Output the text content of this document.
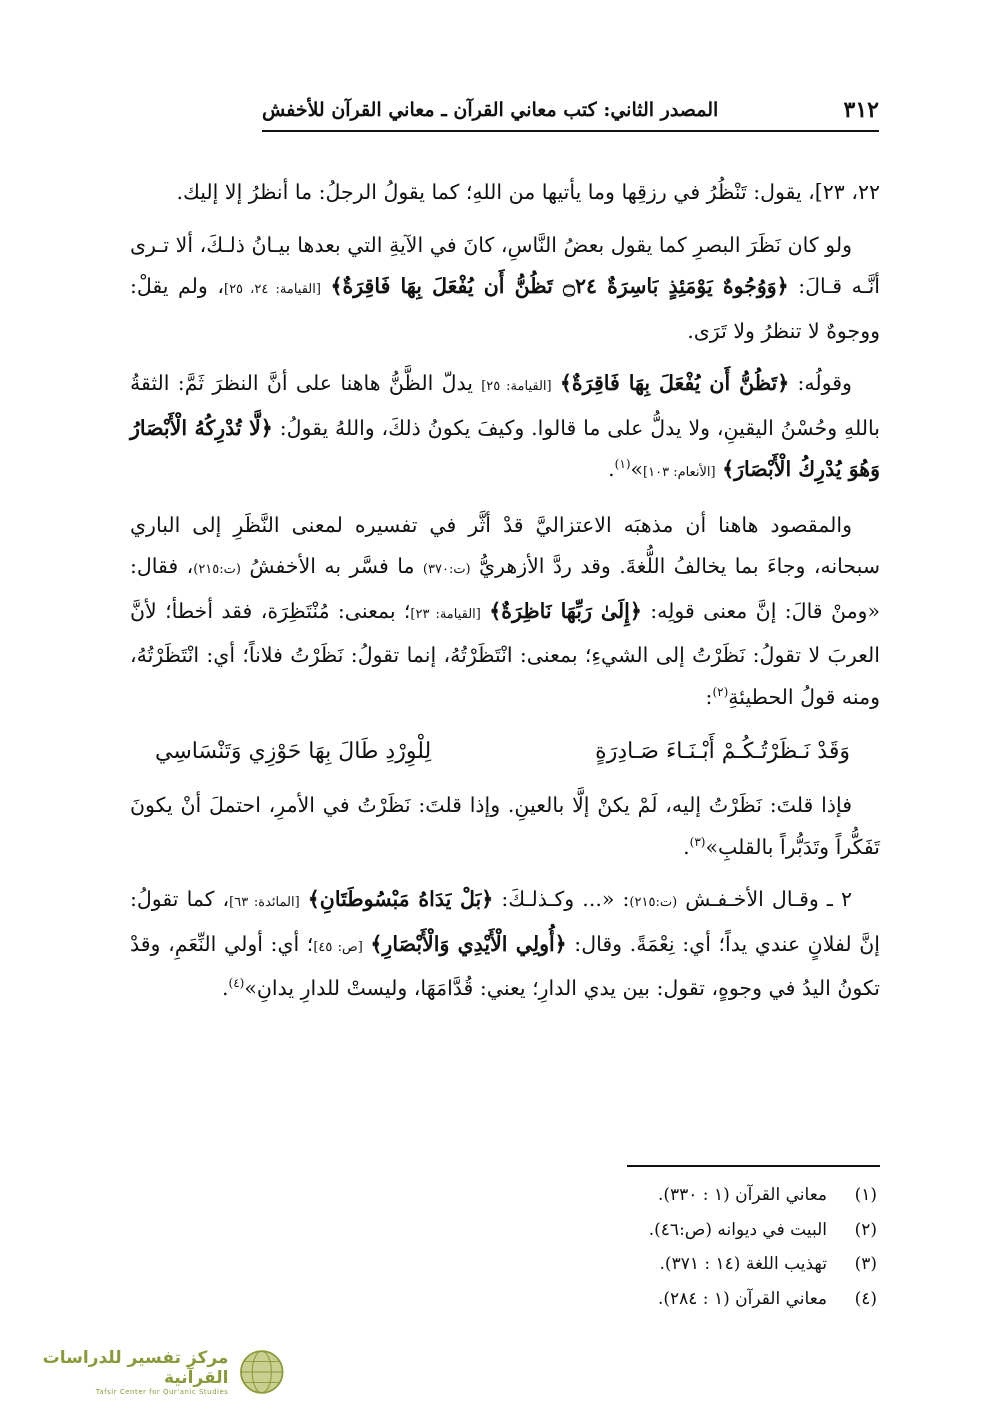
المصدر الثاني: كتب معاني القرآن ـ معاني القرآن للأخفش	٣١٢

٢٢، ٢٣]، يقول: تَنْظُرُ في رزقِها وما يأتيها من اللهِ؛ كما يقولُ الرجلُ: ما أنظرُ إلا إليك.

ولو كان نَظَرَ البصرِ كما يقول بعضُ النَّاسِ، كانَ في الآيةِ التي بعدها بيـانُ ذلـكَ، ألا تـرى أنَّـه قـالَ: ﴿وَوُجُوهٌ يَوْمَئِذٍ بَاسِرَةٌ ۝٢٤ تَظُنُّ أَن يُفْعَلَ بِهَا فَاقِرَةٌ﴾ [القيامة: ٢٤، ٢٥]، ولم يقلْ: ووجوهٌ لا تنظرُ ولا تَرَى.

وقولُه: ﴿تَظُنُّ أَن يُفْعَلَ بِهَا فَاقِرَةٌ﴾ [القيامة: ٢٥] يدلّ الظَّنُّ هاهنا على أنَّ النظرَ ثَمَّ: الثقةُ باللهِ وحُسْنُ اليقينِ، ولا يدلُّ على ما قالوا. وكيفَ يكونُ ذلكَ، واللهُ يقولُ: ﴿لَّا تُدْرِكُهُ الْأَبْصَارُ وَهُوَ يُدْرِكُ الْأَبْصَارَ﴾ [الأنعام: ١٠٣]»$^{(١)}$.

والمقصود هاهنا أن مذهبَه الاعتزاليَّ قدْ أثَّر في تفسيره لمعنى النَّظَرِ إلى الباري سبحانه، وجاءَ بما يخالفُ اللُّغةَ. وقد ردَّ الأزهريُّ (ت:٣٧٠) ما فسَّر به الأخفشُ (ت:٢١٥)، فقال: «ومنْ قالَ: إنَّ معنى قولِه: ﴿إِلَىٰ رَبِّهَا نَاظِرَةٌ﴾ [القيامة: ٢٣]؛ بمعنى: مُنْتَظِرَة، فقد أخطأ؛ لأنَّ العربَ لا تقولُ: نَظَرْتُ إلى الشيءِ؛ بمعنى: انْتَظَرْتُهُ، إنما تقولُ: نَظَرْتُ فلاناً؛ أي: انْتَظَرْتُهُ، ومنه قولُ الحطيئةِ$^{(٢)}$:

وَقَدْ نَـظَرْتُـكُـمْ أَبْـنَـاءَ صَـادِرَةٍ
لِلْوِرْدِ طَالَ بِهَا حَوْزِي وَتَنْسَاسِي

فإذا قلتَ: نَظَرْتُ إليه، لَمْ يكنْ إلَّا بالعينِ. وإذا قلتَ: نَظَرْتُ في الأمرِ، احتملَ أنْ يكونَ تَفَكُّراً وتَدَبُّراً بالقلبِ»$^{(٣)}$.

٢ ـ وقـال الأخـفـش (ت:٢١٥): «... وكـذلـكَ: ﴿بَلْ يَدَاهُ مَبْسُوطَتَانِ﴾ [المائدة: ٦٣]، كما تقولُ: إنَّ لفلانٍ عندي يداً؛ أي: نِعْمَةً. وقال: ﴿أُولِي الْأَيْدِي وَالْأَبْصَارِ﴾ [ص: ٤٥]؛ أي: أولي النِّعَمِ، وقدْ تكونُ اليدُ في وجوهٍ، تقول: بين يدي الدارِ؛ يعني: قُدَّامَهَا، وليستْ للدارِ يدانِ»$^{(٤)}$.

(١)
معاني القرآن (١ : ٣٣٠).
(٢)
البيت في ديوانه (ص:٤٦).
(٣)
تهذيب اللغة (١٤ : ٣٧١).
(٤)
معاني القرآن (١ : ٢٨٤).
مركز تفسير للدراسات القرآنية
Tafsir Center for Qur'anic Studies
